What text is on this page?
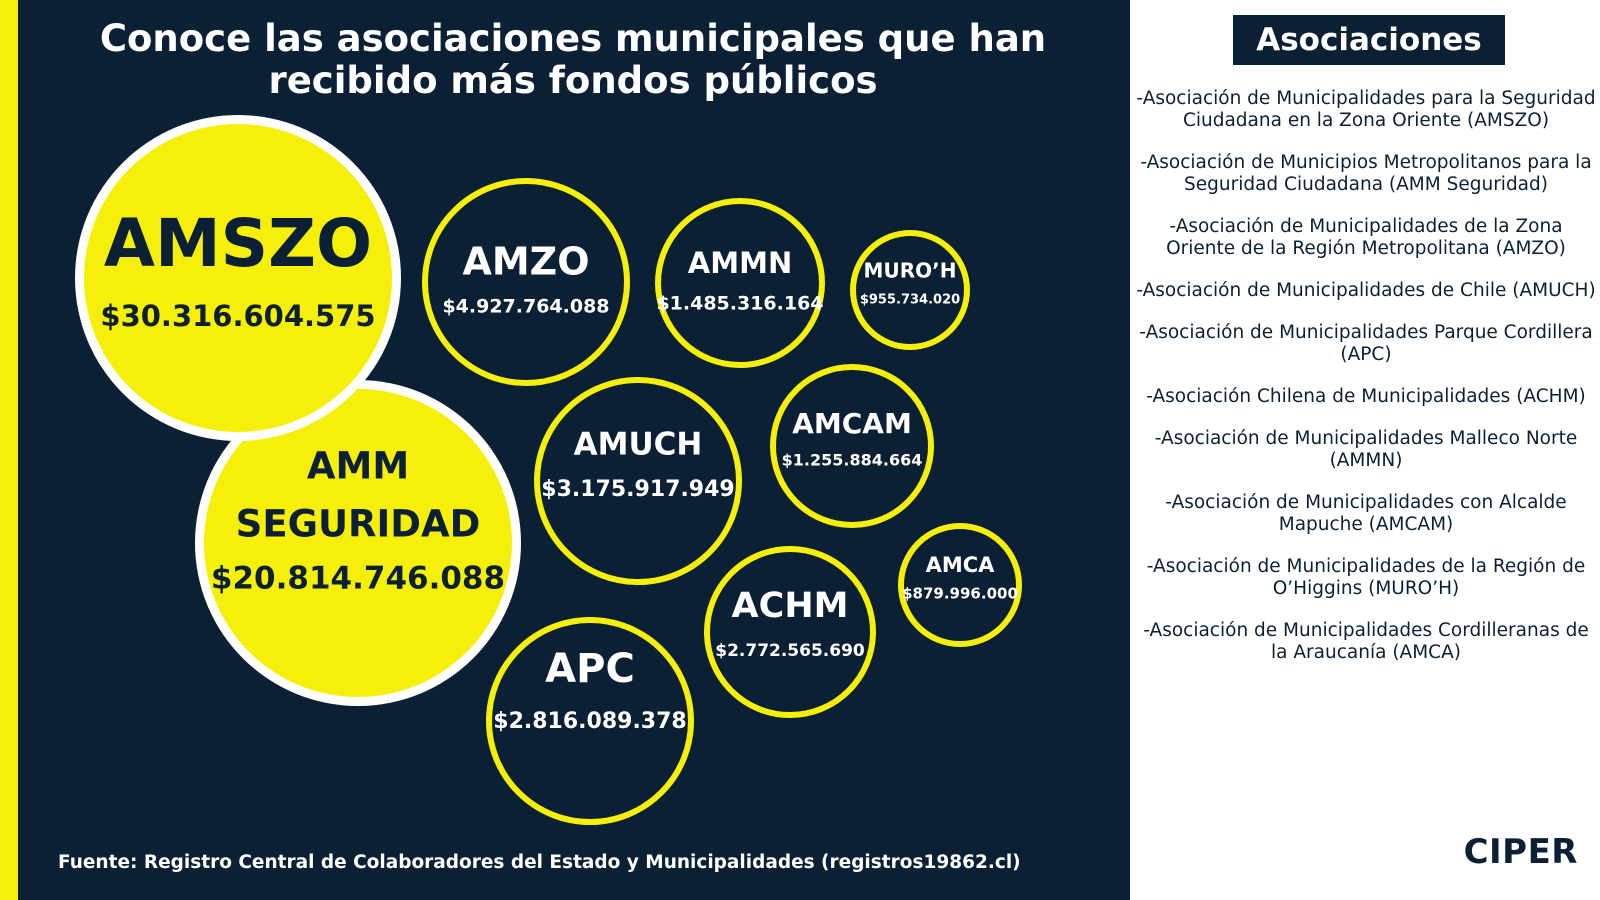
Conoce las asociaciones municipales que han recibido más fondos públicos
AMM
SEGURIDAD
$20.814.746.088
AMSZO
$30.316.604.575
AMZO
$4.927.764.088
AMUCH
$3.175.917.949
APC
$2.816.089.378
ACHM
$2.772.565.690
AMMN
$1.485.316.164
AMCAM
$1.255.884.664
MURO’H
$955.734.020
AMCA
$879.996.000

Fuente: Registro Central de Colaboradores del Estado y Municipalidades (registros19862.cl)

Asociaciones
-Asociación de Municipalidades para la Seguridad Ciudadana en la Zona Oriente (AMSZO)
-Asociación de Municipios Metropolitanos para la Seguridad Ciudadana (AMM Seguridad)
-Asociación de Municipalidades de la Zona Oriente de la Región Metropolitana (AMZO)
-Asociación de Municipalidades de Chile (AMUCH)
-Asociación de Municipalidades Parque Cordillera (APC)
-Asociación Chilena de Municipalidades (ACHM)
-Asociación de Municipalidades Malleco Norte (AMMN)
-Asociación de Municipalidades con Alcalde Mapuche (AMCAM)
-Asociación de Municipalidades de la Región de O’Higgins (MURO’H)
-Asociación de Municipalidades Cordilleranas de la Araucanía (AMCA)
CIPER
